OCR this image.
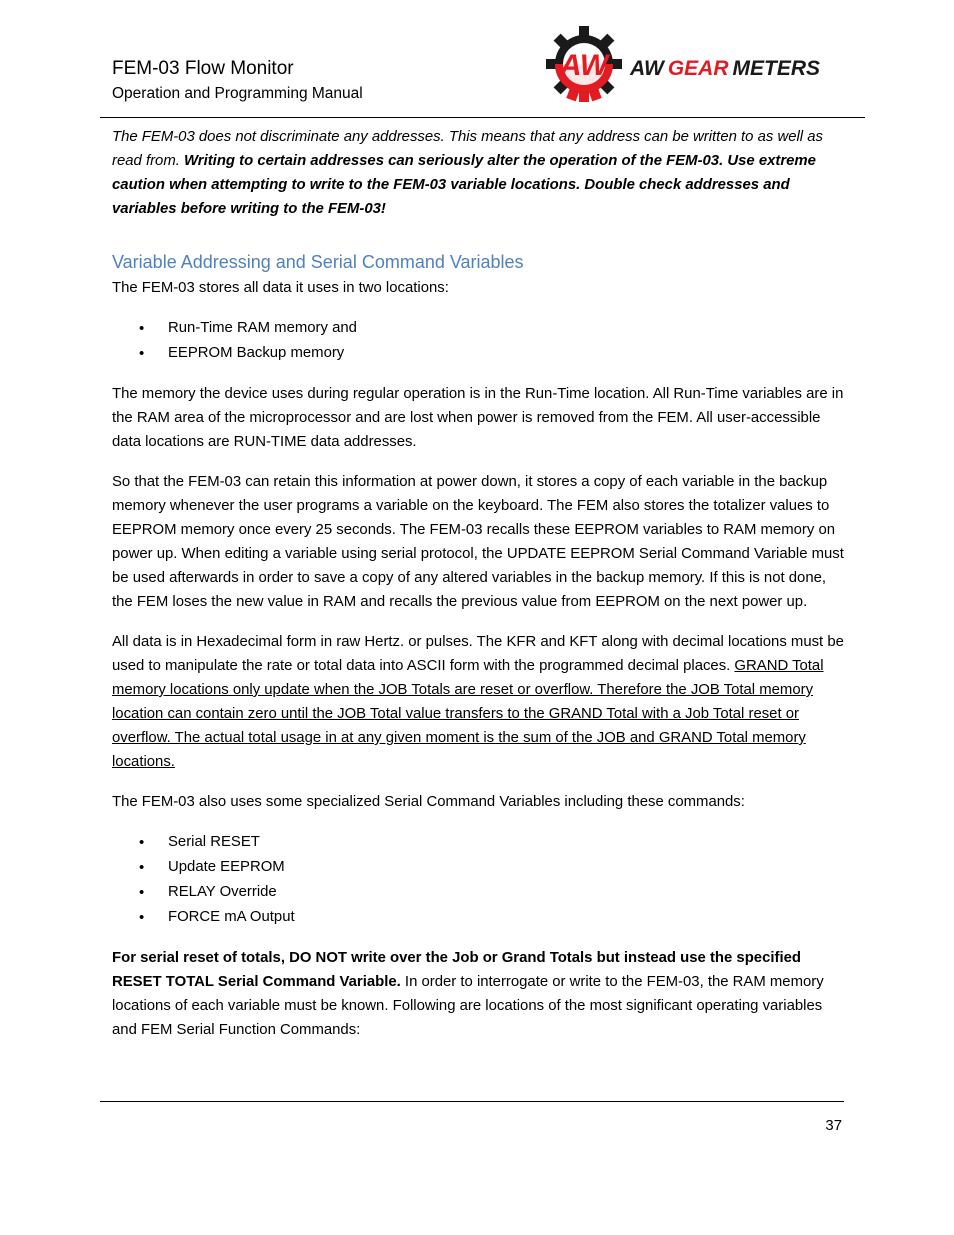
FEM-03 Flow Monitor
Operation and Programming Manual
AW AW GEAR METERS

The FEM-03 does not discriminate any addresses. This means that any address can be written to as well as read from. Writing to certain addresses can seriously alter the operation of the FEM-03. Use extreme caution when attempting to write to the FEM-03 variable locations. Double check addresses and variables before writing to the FEM-03!

Variable Addressing and Serial Command Variables

The FEM-03 stores all data it uses in two locations:

• Run-Time RAM memory and
• EEPROM Backup memory

The memory the device uses during regular operation is in the Run-Time location. All Run-Time variables are in the RAM area of the microprocessor and are lost when power is removed from the FEM. All user-accessible data locations are RUN-TIME data addresses.

So that the FEM-03 can retain this information at power down, it stores a copy of each variable in the backup memory whenever the user programs a variable on the keyboard. The FEM also stores the totalizer values to EEPROM memory once every 25 seconds. The FEM-03 recalls these EEPROM variables to RAM memory on power up. When editing a variable using serial protocol, the UPDATE EEPROM Serial Command Variable must be used afterwards in order to save a copy of any altered variables in the backup memory. If this is not done, the FEM loses the new value in RAM and recalls the previous value from EEPROM on the next power up.

All data is in Hexadecimal form in raw Hertz. or pulses. The KFR and KFT along with decimal locations must be used to manipulate the rate or total data into ASCII form with the programmed decimal places. GRAND Total memory locations only update when the JOB Totals are reset or overflow. Therefore the JOB Total memory location can contain zero until the JOB Total value transfers to the GRAND Total with a Job Total reset or overflow. The actual total usage in at any given moment is the sum of the JOB and GRAND Total memory locations.

The FEM-03 also uses some specialized Serial Command Variables including these commands:

• Serial RESET
• Update EEPROM
• RELAY Override
• FORCE mA Output

For serial reset of totals, DO NOT write over the Job or Grand Totals but instead use the specified RESET TOTAL Serial Command Variable. In order to interrogate or write to the FEM-03, the RAM memory locations of each variable must be known. Following are locations of the most significant operating variables and FEM Serial Function Commands:

37
